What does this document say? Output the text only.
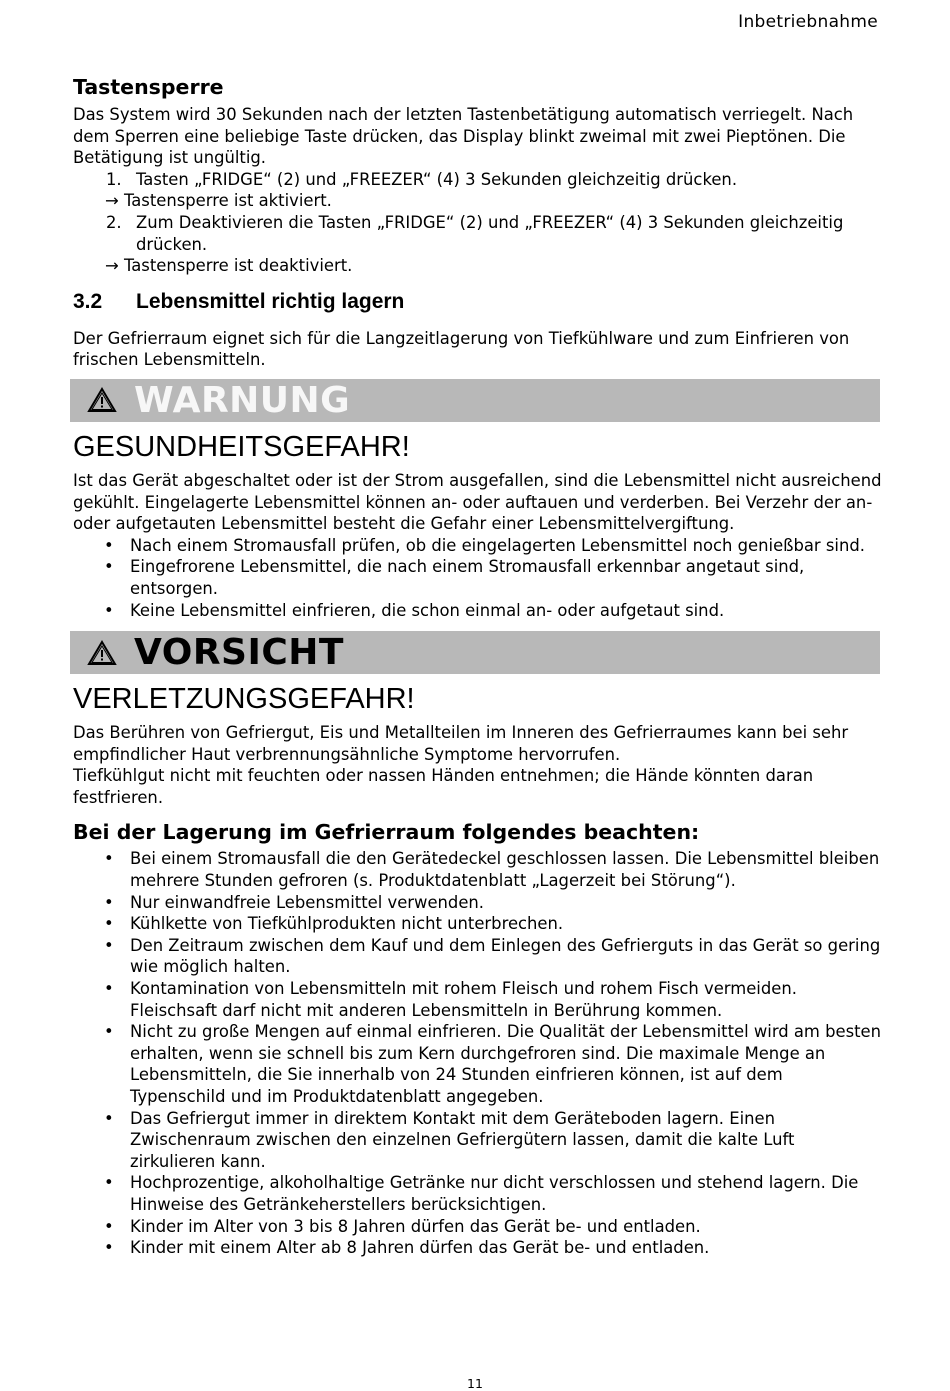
Inbetriebnahme
Tastensperre

Das System wird 30 Sekunden nach der letzten Tastenbetätigung automatisch verriegelt. Nach dem Sperren eine beliebige Taste drücken, das Display blinkt zweimal mit zwei Pieptönen. Die Betätigung ist ungültig.

1. Tasten „FRIDGE“ (2) und „FREEZER“ (4) 3 Sekunden gleichzeitig drücken.
→ Tastensperre ist aktiviert.
2. Zum Deaktivieren die Tasten „FRIDGE“ (2) und „FREEZER“ (4) 3 Sekunden gleichzeitig drücken.
→ Tastensperre ist deaktiviert.
3.2	Lebensmittel richtig lagern

Der Gefrierraum eignet sich für die Langzeitlagerung von Tiefkühlware und zum Einfrieren von frischen Lebensmitteln.

WARNUNG
GESUNDHEITSGEFAHR!

Ist das Gerät abgeschaltet oder ist der Strom ausgefallen, sind die Lebensmittel nicht ausreichend gekühlt. Eingelagerte Lebensmittel können an- oder auftauen und verderben. Bei Verzehr der an- oder aufgetauten Lebensmittel besteht die Gefahr einer Lebensmittelvergiftung.

• Nach einem Stromausfall prüfen, ob die eingelagerten Lebensmittel noch genießbar sind.
• Eingefrorene Lebensmittel, die nach einem Stromausfall erkennbar angetaut sind, entsorgen.
• Keine Lebensmittel einfrieren, die schon einmal an- oder aufgetaut sind.
VORSICHT
VERLETZUNGSGEFAHR!

Das Berühren von Gefriergut, Eis und Metallteilen im Inneren des Gefrierraumes kann bei sehr empfindlicher Haut verbrennungsähnliche Symptome hervorrufen.

Tiefkühlgut nicht mit feuchten oder nassen Händen entnehmen; die Hände könnten daran festfrieren.

Bei der Lagerung im Gefrierraum folgendes beachten:
• Bei einem Stromausfall die den Gerätedeckel geschlossen lassen. Die Lebensmittel bleiben mehrere Stunden gefroren (s. Produktdatenblatt „Lagerzeit bei Störung“).
• Nur einwandfreie Lebensmittel verwenden.
• Kühlkette von Tiefkühlprodukten nicht unterbrechen.
• Den Zeitraum zwischen dem Kauf und dem Einlegen des Gefrierguts in das Gerät so gering wie möglich halten.
• Kontamination von Lebensmitteln mit rohem Fleisch und rohem Fisch vermeiden. Fleischsaft darf nicht mit anderen Lebensmitteln in Berührung kommen.
• Nicht zu große Mengen auf einmal einfrieren. Die Qualität der Lebensmittel wird am besten erhalten, wenn sie schnell bis zum Kern durchgefroren sind. Die maximale Menge an Lebensmitteln, die Sie innerhalb von 24 Stunden einfrieren können, ist auf dem Typenschild und im Produktdatenblatt angegeben.
• Das Gefriergut immer in direktem Kontakt mit dem Geräteboden lagern. Einen Zwischenraum zwischen den einzelnen Gefriergütern lassen, damit die kalte Luft zirkulieren kann.
• Hochprozentige, alkoholhaltige Getränke nur dicht verschlossen und stehend lagern. Die Hinweise des Getränkeherstellers berücksichtigen.
• Kinder im Alter von 3 bis 8 Jahren dürfen das Gerät be- und entladen.
• Kinder mit einem Alter ab 8 Jahren dürfen das Gerät be- und entladen.
11
